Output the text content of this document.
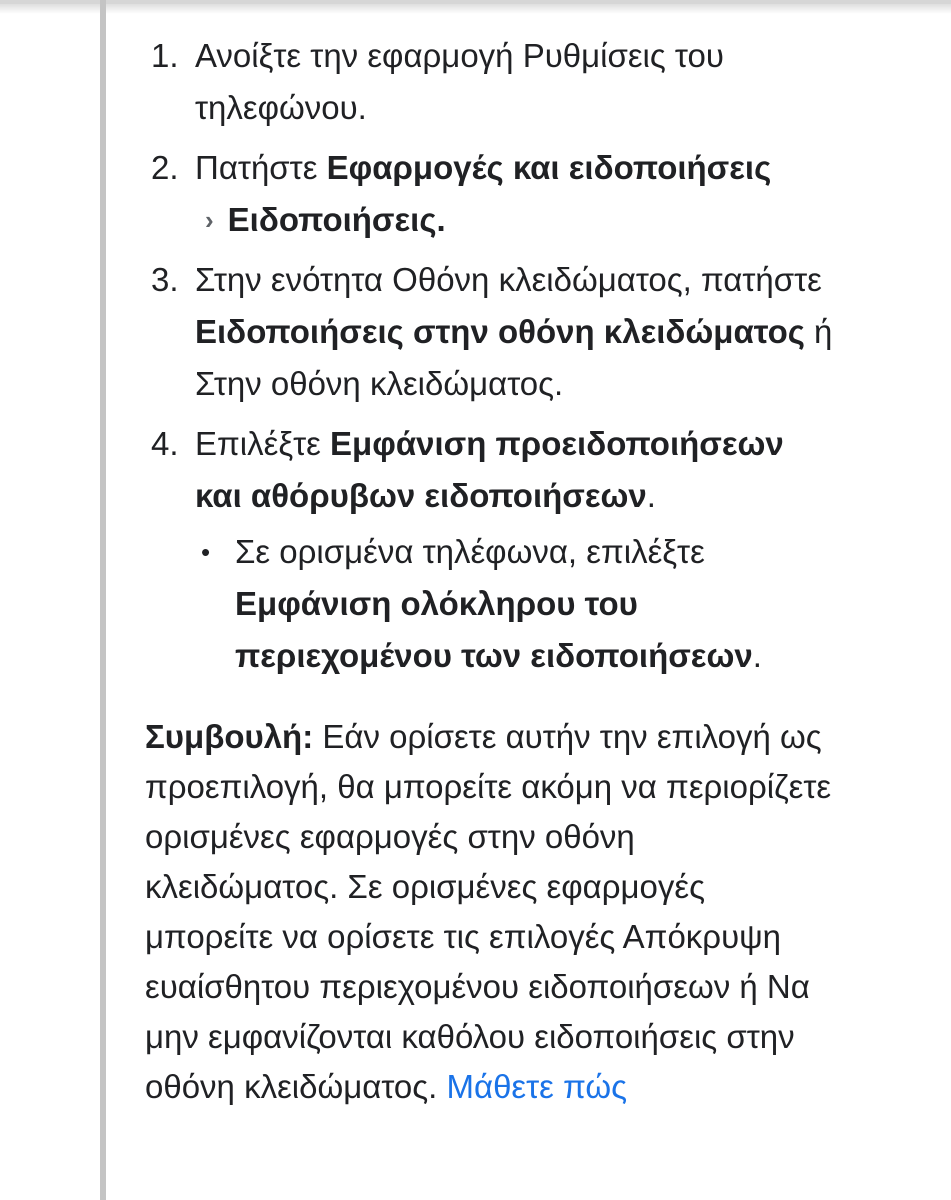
1. Ανοίξτε την εφαρμογή Ρυθμίσεις του τηλεφώνου.
2. Πατήστε Εφαρμογές και ειδοποιήσεις
› Ειδοποιήσεις.
3. Στην ενότητα Οθόνη κλειδώματος, πατήστε Ειδοποιήσεις στην οθόνη κλειδώματος ή Στην οθόνη κλειδώματος.
4. Επιλέξτε Εμφάνιση προειδοποιήσεων και αθόρυβων ειδοποιήσεων.
• Σε ορισμένα τηλέφωνα, επιλέξτε Εμφάνιση ολόκληρου του περιεχομένου των ειδοποιήσεων.

Συμβουλή: Εάν ορίσετε αυτήν την επιλογή ως προεπιλογή, θα μπορείτε ακόμη να περιορίζετε ορισμένες εφαρμογές στην οθόνη κλειδώματος. Σε ορισμένες εφαρμογές μπορείτε να ορίσετε τις επιλογές Απόκρυψη ευαίσθητου περιεχομένου ειδοποιήσεων ή Να μην εμφανίζονται καθόλου ειδοποιήσεις στην οθόνη κλειδώματος. Μάθετε πώς
